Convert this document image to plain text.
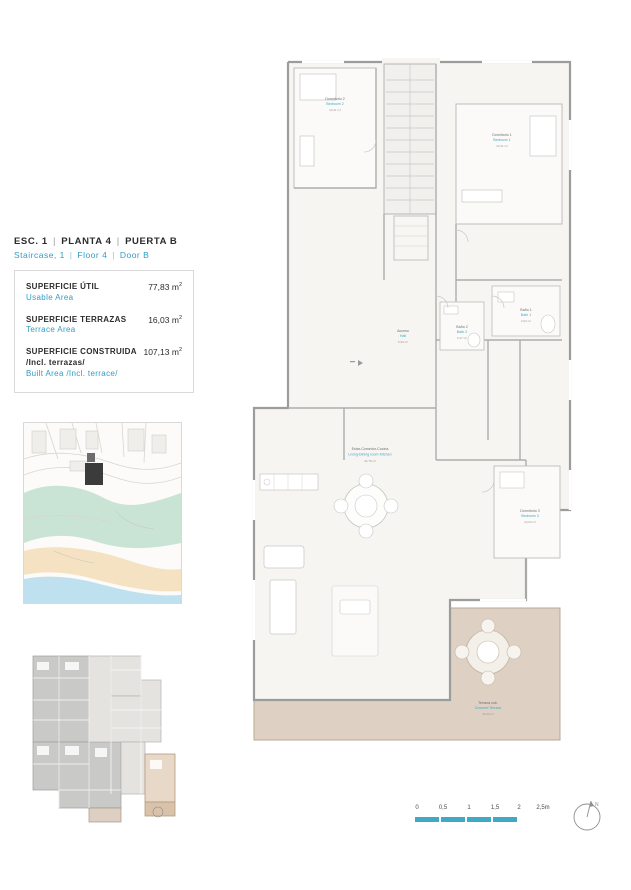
ESC. 1 | PLANTA 4 | PUERTA B
Staircase, 1 | Floor 4 | Door B
SUPERFICIE ÚTIL
Usable Area
77,83 $m^2$
SUPERFICIE TERRAZAS
Terrace Area
16,03 $m^2$
SUPERFICIE CONSTRUIDA
/Incl. terrazas/
Built Area /Incl. terrace/
107,13 $m^2$
Terraza cub.
Covered Terrace
16,03 m²
Dormitorio 2
Bedroom 2
10,41 m²
Dormitorio 1
Bedroom 1
13,31 m²
Baño 1
Bath 1
4,02 m²
Baño 2
Bath 2
3,47 m²
Acceso
Hall
5,30 m²
Dormitorio 3
Bedroom 3
10,03 m²
Estar-Comedor-Cocina
Living-Dining room-Kitchen
33,78 m²
0	0,5	1	1,5	2	2,5m	N
